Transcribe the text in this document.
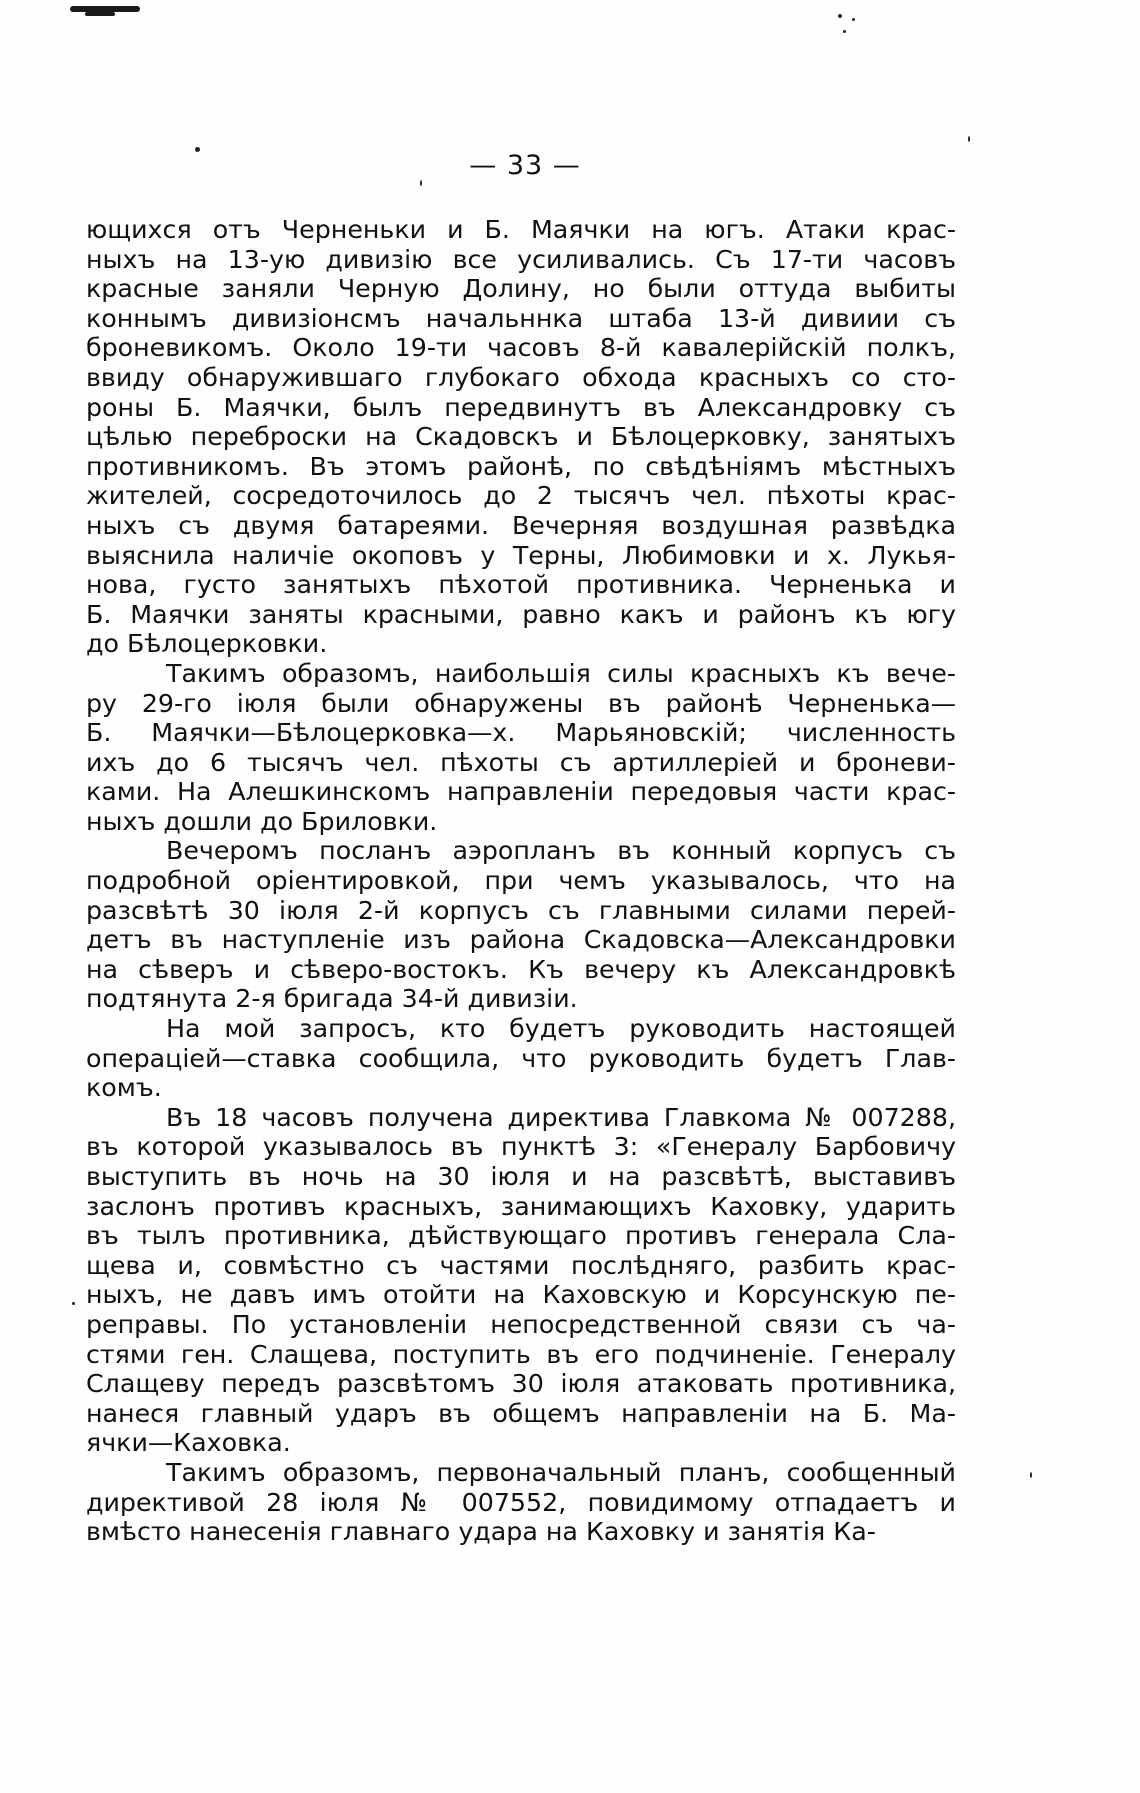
— 33 —

ющихся отъ Черненьки и Б. Маячки на югъ. Атаки крас-
ныхъ на 13-ую дивизію все усиливались. Съ 17-ти часовъ
красные заняли Черную Долину, но были оттуда выбиты
коннымъ дивизіонсмъ начальннка штаба 13-й дивиии съ
броневикомъ. Около 19-ти часовъ 8-й кавалерійскій полкъ,
ввиду обнаружившаго глубокаго обхода красныхъ со сто-
роны Б. Маячки, былъ передвинутъ въ Александровку съ
цѣлью переброски на Скадовскъ и Бѣлоцерковку, занятыхъ
противникомъ. Въ этомъ районѣ, по свѣдѣніямъ мѣстныхъ
жителей, сосредоточилось до 2 тысячъ чел. пѣхоты крас-
ныхъ съ двумя батареями. Вечерняя воздушная развѣдка
выяснила наличіе окоповъ у Терны, Любимовки и х. Лукья-
нова, густо занятыхъ пѣхотой противника. Черненька и
Б. Маячки заняты красными, равно какъ и районъ къ югу
до Бѣлоцерковки.

Такимъ образомъ, наибольшія силы красныхъ къ вече-
ру 29-го іюля были обнаружены въ районѣ Черненька—
Б. Маячки—Бѣлоцерковка—х. Марьяновскій; численность
ихъ до 6 тысячъ чел. пѣхоты съ артиллеріей и броневи-
ками. На Алешкинскомъ направленіи передовыя части крас-
ныхъ дошли до Бриловки.

Вечеромъ посланъ аэропланъ въ конный корпусъ съ
подробной оріентировкой, при чемъ указывалось, что на
разсвѣтѣ 30 іюля 2-й корпусъ съ главными силами перей-
детъ въ наступленіе изъ района Скадовска—Александровки
на сѣверъ и сѣверо-востокъ. Къ вечеру къ Александровкѣ
подтянута 2-я бригада 34-й дивизіи.

На мой запросъ, кто будетъ руководить настоящей
операціей—ставка сообщила, что руководить будетъ Глав-
комъ.

Въ 18 часовъ получена директива Главкома № 007288,
въ которой указывалось въ пунктѣ 3: «Генералу Барбовичу
выступить въ ночь на 30 іюля и на разсвѣтѣ, выставивъ
заслонъ противъ красныхъ, занимающихъ Каховку, ударить
въ тылъ противника, дѣйствующаго противъ генерала Сла-
щева и, совмѣстно съ частями послѣдняго, разбить крас-
ныхъ, не давъ имъ отойти на Каховскую и Корсунскую пе-
реправы. По установленіи непосредственной связи съ ча-
стями ген. Слащева, поступить въ его подчиненіе. Генералу
Слащеву передъ разсвѣтомъ 30 іюля атаковать противника,
нанеся главный ударъ въ общемъ направленіи на Б. Ма-
ячки—Каховка.

Такимъ образомъ, первоначальный планъ, сообщенный
директивой 28 іюля № 007552, повидимому отпадаетъ и
вмѣсто нанесенія главнаго удара на Каховку и занятія Ка-
